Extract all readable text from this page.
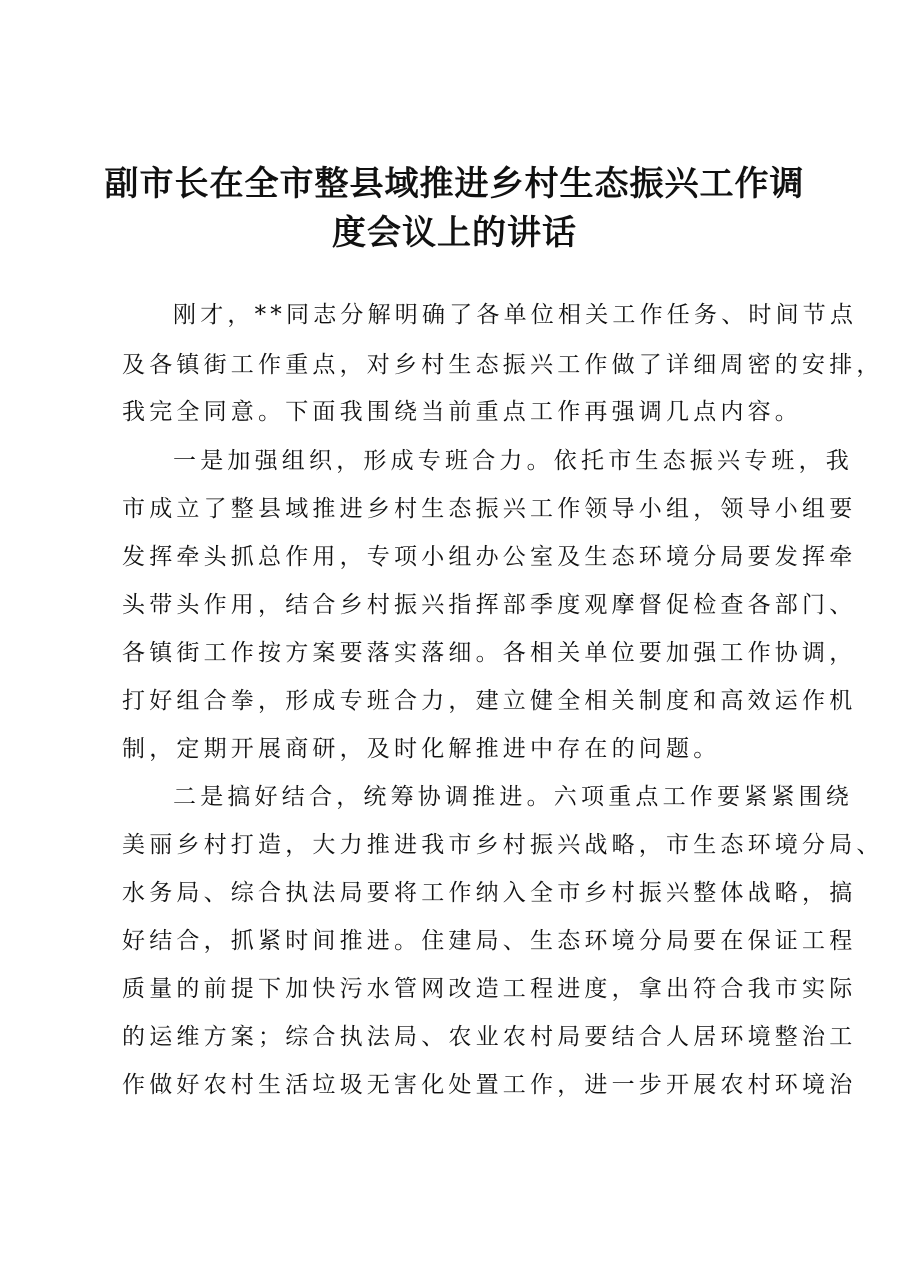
副市长在全市整县域推进乡村生态振兴工作调
度会议上的讲话
刚才，**同志分解明确了各单位相关工作任务、时间节点
及各镇街工作重点，对乡村生态振兴工作做了详细周密的安排，
我完全同意。下面我围绕当前重点工作再强调几点内容。
一是加强组织，形成专班合力。依托市生态振兴专班，我
市成立了整县域推进乡村生态振兴工作领导小组，领导小组要
发挥牵头抓总作用，专项小组办公室及生态环境分局要发挥牵
头带头作用，结合乡村振兴指挥部季度观摩督促检查各部门、
各镇街工作按方案要落实落细。各相关单位要加强工作协调，
打好组合拳，形成专班合力，建立健全相关制度和高效运作机
制，定期开展商研，及时化解推进中存在的问题。
二是搞好结合，统筹协调推进。六项重点工作要紧紧围绕
美丽乡村打造，大力推进我市乡村振兴战略，市生态环境分局、
水务局、综合执法局要将工作纳入全市乡村振兴整体战略，搞
好结合，抓紧时间推进。住建局、生态环境分局要在保证工程
质量的前提下加快污水管网改造工程进度，拿出符合我市实际
的运维方案；综合执法局、农业农村局要结合人居环境整治工
作做好农村生活垃圾无害化处置工作，进一步开展农村环境治
